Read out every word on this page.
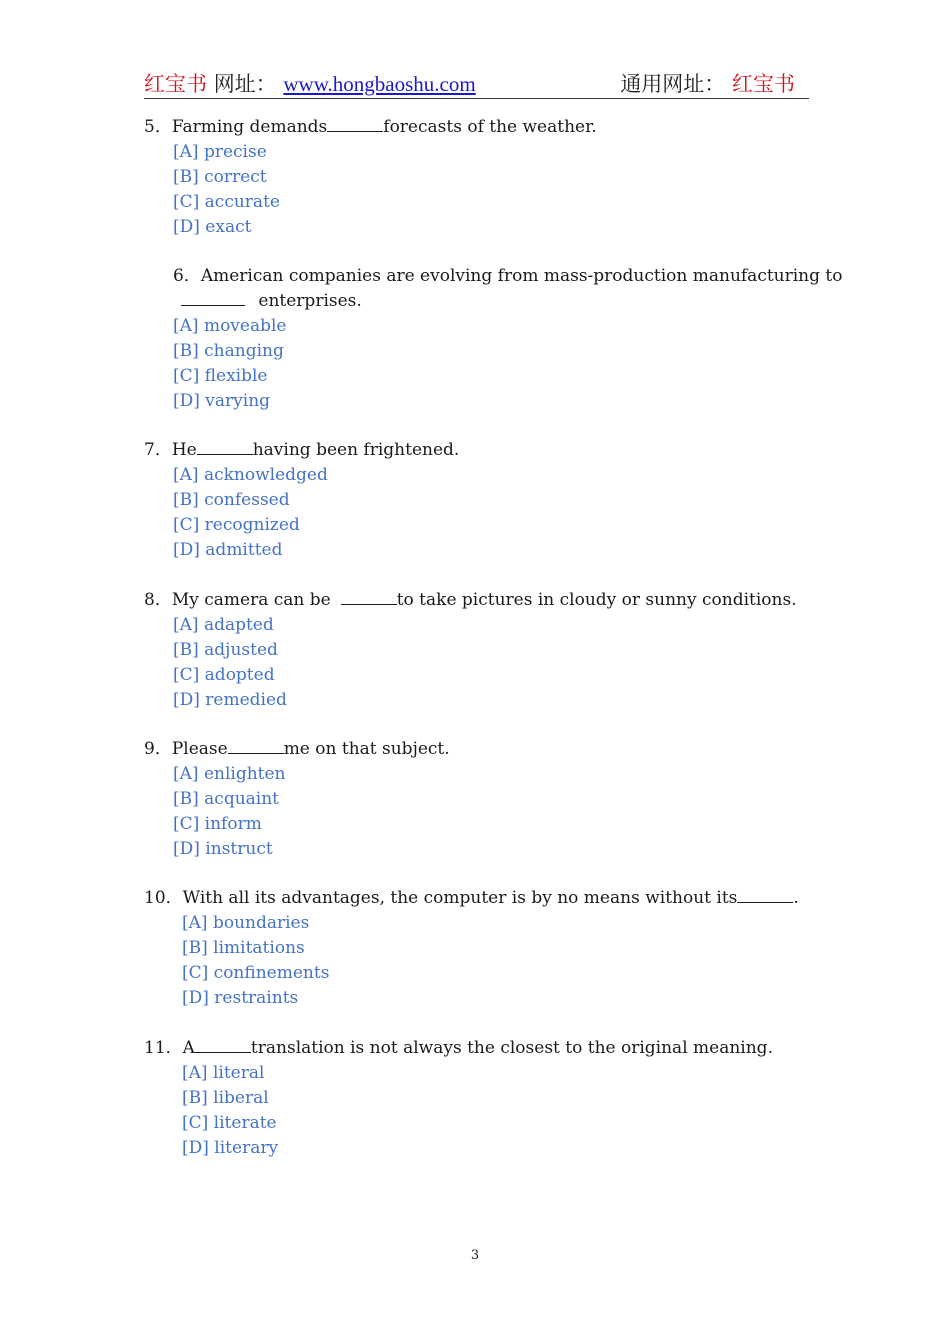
红宝书 网址： www.hongbaoshu.com	通用网址： 红宝书
5．Farming demands	forecasts of the weather.
[A] precise
[B] correct
[C] accurate
[D] exact
6．American companies are evolving from mass-production manufacturing to
enterprises.
[A] moveable
[B] changing
[C] flexible
[D] varying
7．He	having been frightened.
[A] acknowledged
[B] confessed
[C] recognized
[D] admitted
8．My camera can be	to take pictures in cloudy or sunny conditions.
[A] adapted
[B] adjusted
[C] adopted
[D] remedied
9．Please	me on that subject.
[A] enlighten
[B] acquaint
[C] inform
[D] instruct
10．With all its advantages, the computer is by no means without its	.
[A] boundaries
[B] limitations
[C] confinements
[D] restraints
11．A	translation is not always the closest to the original meaning.
[A] literal
[B] liberal
[C] literate
[D] literary
3
